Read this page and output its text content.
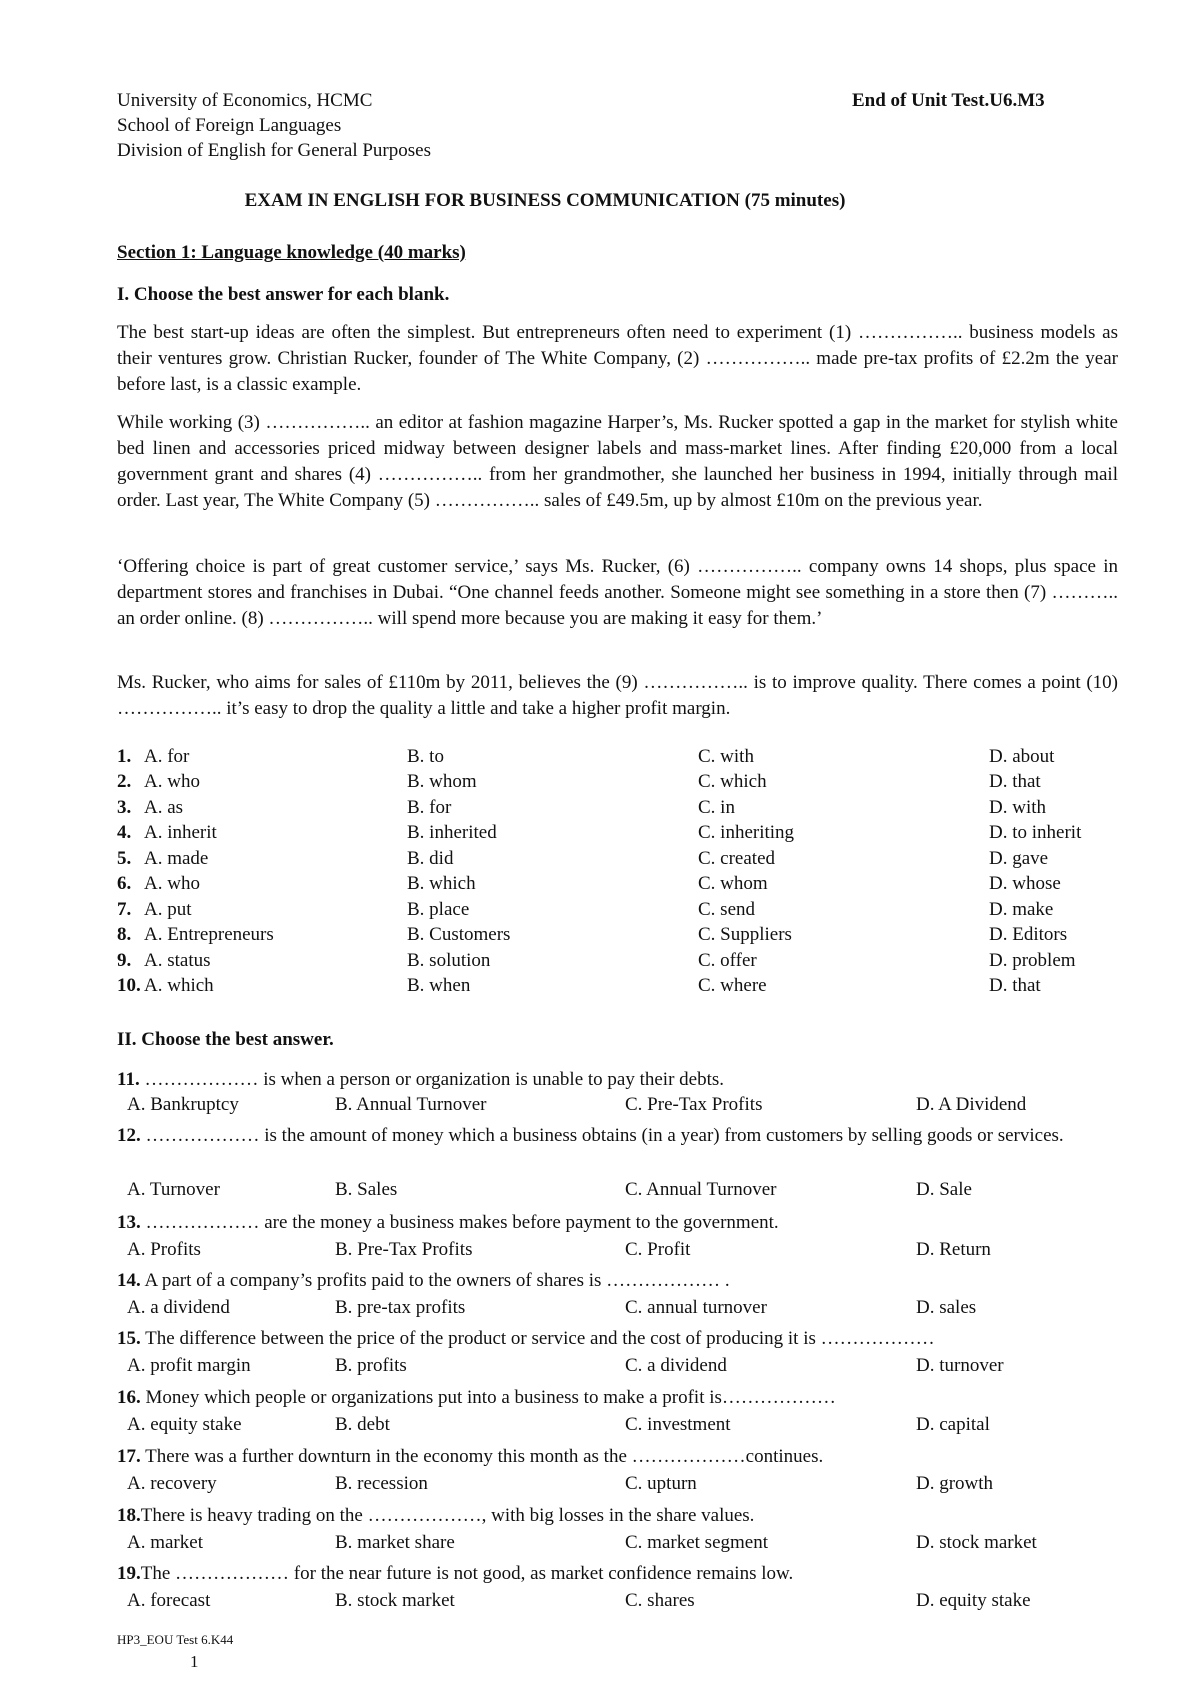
University of Economics, HCMC
School of Foreign Languages
Division of English for General Purposes
End of Unit Test.U6.M3
EXAM IN ENGLISH FOR BUSINESS COMMUNICATION (75 minutes)
Section 1: Language knowledge (40 marks)
I. Choose the best answer for each blank.

The best start-up ideas are often the simplest. But entrepreneurs often need to experiment (1) …………….. business models as their ventures grow. Christian Rucker, founder of The White Company, (2) …………….. made pre-tax profits of £2.2m the year before last, is a classic example.

While working (3) …………….. an editor at fashion magazine Harper’s, Ms. Rucker spotted a gap in the market for stylish white bed linen and accessories priced midway between designer labels and mass-market lines. After finding £20,000 from a local government grant and shares (4) …………….. from her grandmother, she launched her business in 1994, initially through mail order. Last year, The White Company (5) …………….. sales of £49.5m, up by almost £10m on the previous year.

‘Offering choice is part of great customer service,’ says Ms. Rucker, (6) …………….. company owns 14 shops, plus space in department stores and franchises in Dubai. “One channel feeds another. Someone might see something in a store then (7) ……….. an order online. (8) …………….. will spend more because you are making it easy for them.’

Ms. Rucker, who aims for sales of £110m by 2011, believes the (9) …………….. is to improve quality. There comes a point (10) …………….. it’s easy to drop the quality a little and take a higher profit margin.

1. A. for	B. to	C. with	D. about
2. A. who	B. whom	C. which	D. that
3. A. as	B. for	C. in	D. with
4. A. inherit	B. inherited	C. inheriting	D. to inherit
5. A. made	B. did	C. created	D. gave
6. A. who	B. which	C. whom	D. whose
7. A. put	B. place	C. send	D. make
8. A. Entrepreneurs	B. Customers	C. Suppliers	D. Editors
9. A. status	B. solution	C. offer	D. problem
10. A. which	B. when	C. where	D. that
II. Choose the best answer.

11. ……………… is when a person or organization is unable to pay their debts.

A. Bankruptcy	B. Annual Turnover	C. Pre-Tax Profits	D. A Dividend

12. ……………… is the amount of money which a business obtains (in a year) from customers by selling goods or services.

A. Turnover	B. Sales	C. Annual Turnover	D. Sale

13. ……………… are the money a business makes before payment to the government.

A. Profits	B. Pre-Tax Profits	C. Profit	D. Return

14. A part of a company’s profits paid to the owners of shares is ……………… .

A. a dividend	B. pre-tax profits	C. annual turnover	D. sales

15. The difference between the price of the product or service and the cost of producing it is ………………

A. profit margin	B. profits	C. a dividend	D. turnover

16. Money which people or organizations put into a business to make a profit is………………

A. equity stake	B. debt	C. investment	D. capital

17. There was a further downturn in the economy this month as the ………………continues.

A. recovery	B. recession	C. upturn	D. growth

18.There is heavy trading on the ………………, with big losses in the share values.

A. market	B. market share	C. market segment	D. stock market

19.The ……………… for the near future is not good, as market confidence remains low.

A. forecast	B. stock market	C. shares	D. equity stake
HP3_EOU Test 6.K44
1
